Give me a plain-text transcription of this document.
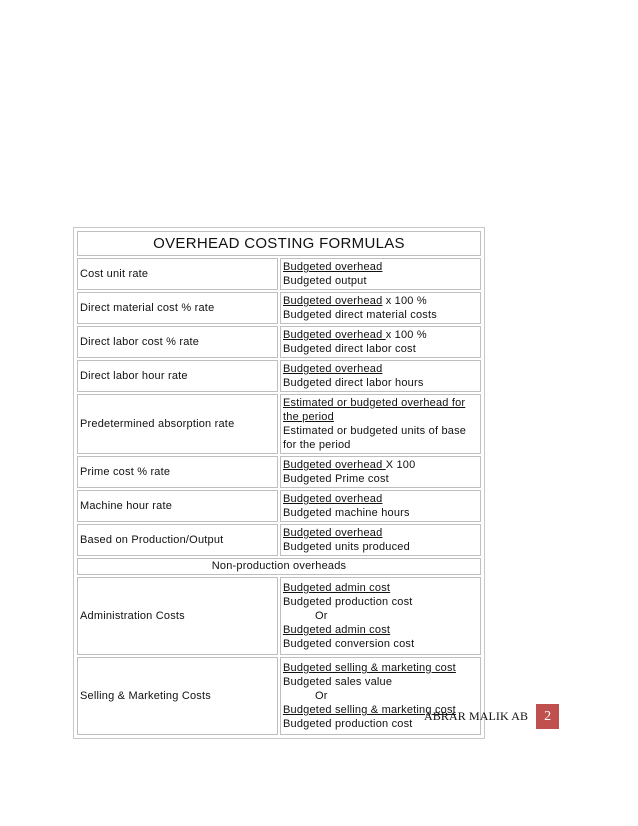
OVERHEAD COSTING FORMULAS	
Cost unit rate	Budgeted overhead
Budgeted output

Direct material cost % rate	Budgeted overhead x 100 %
Budgeted direct material costs

Direct labor cost % rate	Budgeted overhead x 100 %
Budgeted direct labor cost

Direct labor hour rate	Budgeted overhead
Budgeted direct labor hours

Predetermined absorption rate	Estimated or budgeted overhead for the period
Estimated or budgeted units of base for the period

Prime cost % rate	Budgeted overhead X 100
Budgeted Prime cost

Machine hour rate	Budgeted overhead
Budgeted machine hours

Based on Production/Output	Budgeted overhead
Budgeted units produced

Non-production overheads	
Administration Costs	Budgeted admin cost
Budgeted production cost
Or
Budgeted admin cost
Budgeted conversion cost

Selling & Marketing Costs	Budgeted selling & marketing cost
Budgeted sales value
Or
Budgeted selling & marketing cost
Budgeted production cost
ABRAR MALIK AB	2
